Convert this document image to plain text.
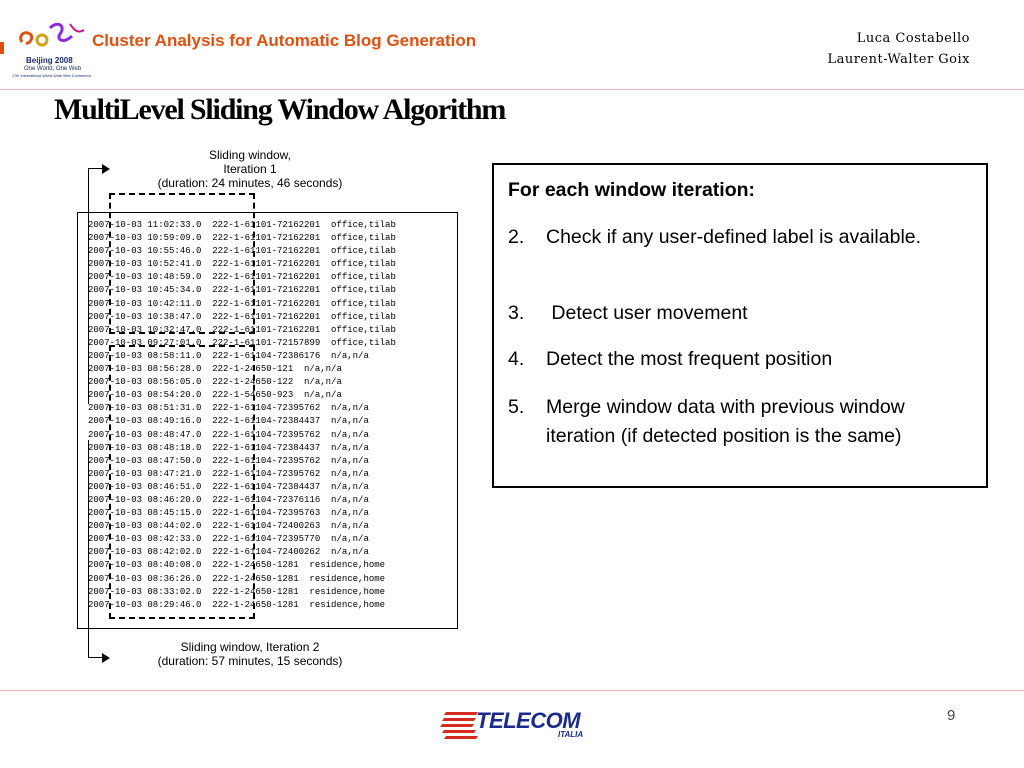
Beijing 2008
One World, One Web
17th International World Wide Web Conference
Cluster Analysis for Automatic Blog Generation	Luca Costabello
Laurent-Walter Goix
MultiLevel Sliding Window Algorithm
Sliding window,
Iteration 1
(duration: 24 minutes, 46 seconds)
2007-10-03 11:02:33.0  222-1-61101-72162201  office,tilab
2007-10-03 10:59:09.0  222-1-61101-72162201  office,tilab
2007-10-03 10:55:46.0  222-1-61101-72162201  office,tilab
2007-10-03 10:52:41.0  222-1-61101-72162201  office,tilab
2007-10-03 10:48:59.0  222-1-61101-72162201  office,tilab
2007-10-03 10:45:34.0  222-1-61101-72162201  office,tilab
2007-10-03 10:42:11.0  222-1-61101-72162201  office,tilab
2007-10-03 10:38:47.0  222-1-61101-72162201  office,tilab
2007-10-03 10:32:47.0  222-1-61101-72162201  office,tilab
2007-10-03 09:27:01.0  222-1-61101-72157899  office,tilab
2007-10-03 08:58:11.0  222-1-61104-72386176  n/a,n/a
2007-10-03 08:56:28.0  222-1-24650-121  n/a,n/a
2007-10-03 08:56:05.0  222-1-24650-122  n/a,n/a
2007-10-03 08:54:20.0  222-1-54650-923  n/a,n/a
2007-10-03 08:51:31.0  222-1-61104-72395762  n/a,n/a
2007-10-03 08:49:16.0  222-1-61104-72384437  n/a,n/a
2007-10-03 08:48:47.0  222-1-61104-72395762  n/a,n/a
2007-10-03 08:48:18.0  222-1-61104-72384437  n/a,n/a
2007-10-03 08:47:50.0  222-1-61104-72395762  n/a,n/a
2007-10-03 08:47:21.0  222-1-61104-72395762  n/a,n/a
2007-10-03 08:46:51.0  222-1-61104-72384437  n/a,n/a
2007-10-03 08:46:20.0  222-1-61104-72376116  n/a,n/a
2007-10-03 08:45:15.0  222-1-61104-72395763  n/a,n/a
2007-10-03 08:44:02.0  222-1-61104-72400263  n/a,n/a
2007-10-03 08:42:33.0  222-1-61104-72395770  n/a,n/a
2007-10-03 08:42:02.0  222-1-61104-72400262  n/a,n/a
2007-10-03 08:40:08.0  222-1-24650-1281  residence,home
2007-10-03 08:36:26.0  222-1-24650-1281  residence,home
2007-10-03 08:33:02.0  222-1-24650-1281  residence,home
2007-10-03 08:29:46.0  222-1-24650-1281  residence,home
Sliding window, Iteration 2
(duration: 57 minutes, 15 seconds)
For each window iteration:
2. Check if any user-defined label is available.
3. Detect user movement
4. Detect the most frequent position
5. Merge window data with previous window iteration (if detected position is the same)
TELECOM
ITALIA
9
